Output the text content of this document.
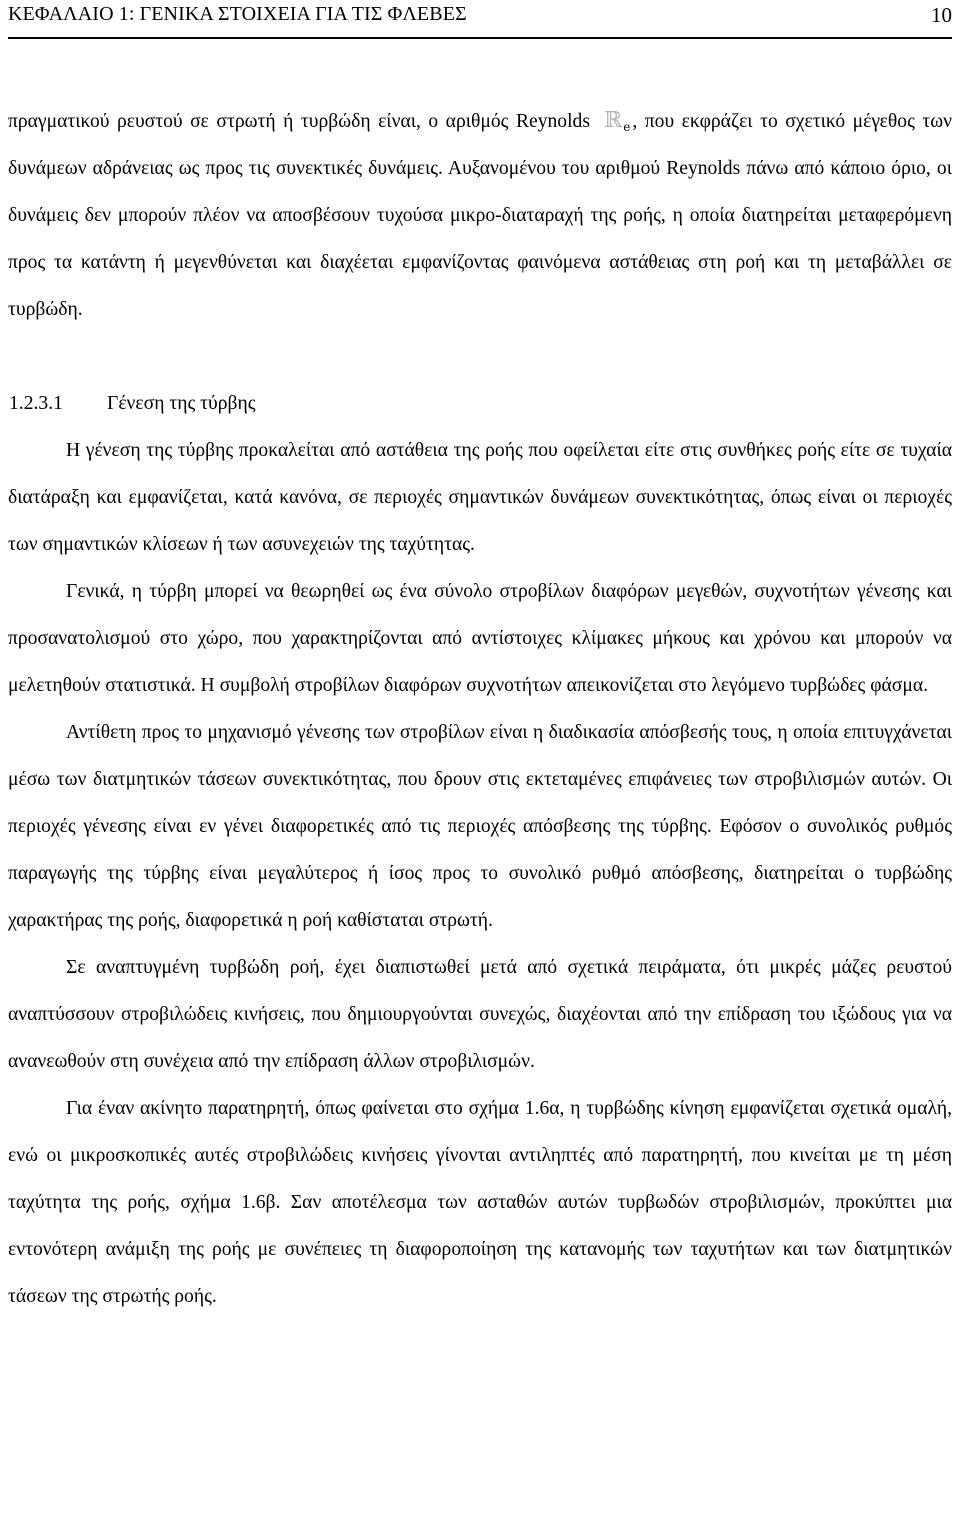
ΚΕΦΑΛΑΙΟ 1: ΓΕΝΙΚΑ ΣΤΟΙΧΕΙΑ ΓΙΑ ΤΙΣ ΦΛΕΒΕΣ	10

πραγματικού ρευστού σε στρωτή ή τυρβώδη είναι, ο αριθμός Reynolds ℝe , που εκφράζει το σχετικό μέγεθος των δυνάμεων αδράνειας ως προς τις συνεκτικές δυνάμεις. Αυξανομένου του αριθμού Reynolds πάνω από κάποιο όριο, οι δυνάμεις δεν μπορούν πλέον να αποσβέσουν τυχούσα μικρο-διαταραχή της ροής, η οποία διατηρείται μεταφερόμενη προς τα κατάντη ή μεγενθύνεται και διαχέεται εμφανίζοντας φαινόμενα αστάθειας στη ροή και τη μεταβάλλει σε τυρβώδη.

1.2.3.1 Γένεση της τύρβης

Η γένεση της τύρβης προκαλείται από αστάθεια της ροής που οφείλεται είτε στις συνθήκες ροής είτε σε τυχαία διατάραξη και εμφανίζεται, κατά κανόνα, σε περιοχές σημαντικών δυνάμεων συνεκτικότητας, όπως είναι οι περιοχές των σημαντικών κλίσεων ή των ασυνεχειών της ταχύτητας.

Γενικά, η τύρβη μπορεί να θεωρηθεί ως ένα σύνολο στροβίλων διαφόρων μεγεθών, συχνοτήτων γένεσης και προσανατολισμού στο χώρο, που χαρακτηρίζονται από αντίστοιχες κλίμακες μήκους και χρόνου και μπορούν να μελετηθούν στατιστικά. Η συμβολή στροβίλων διαφόρων συχνοτήτων απεικονίζεται στο λεγόμενο τυρβώδες φάσμα.

Αντίθετη προς το μηχανισμό γένεσης των στροβίλων είναι η διαδικασία απόσβεσής τους, η οποία επιτυγχάνεται μέσω των διατμητικών τάσεων συνεκτικότητας, που δρουν στις εκτεταμένες επιφάνειες των στροβιλισμών αυτών. Οι περιοχές γένεσης είναι εν γένει διαφορετικές από τις περιοχές απόσβεσης της τύρβης. Εφόσον ο συνολικός ρυθμός παραγωγής της τύρβης είναι μεγαλύτερος ή ίσος προς το συνολικό ρυθμό απόσβεσης, διατηρείται ο τυρβώδης χαρακτήρας της ροής, διαφορετικά η ροή καθίσταται στρωτή.

Σε αναπτυγμένη τυρβώδη ροή, έχει διαπιστωθεί μετά από σχετικά πειράματα, ότι μικρές μάζες ρευστού αναπτύσσουν στροβιλώδεις κινήσεις, που δημιουργούνται συνεχώς, διαχέονται από την επίδραση του ιξώδους για να ανανεωθούν στη συνέχεια από την επίδραση άλλων στροβιλισμών.

Για έναν ακίνητο παρατηρητή, όπως φαίνεται στο σχήμα 1.6α, η τυρβώδης κίνηση εμφανίζεται σχετικά ομαλή, ενώ οι μικροσκοπικές αυτές στροβιλώδεις κινήσεις γίνονται αντιληπτές από παρατηρητή, που κινείται με τη μέση ταχύτητα της ροής, σχήμα 1.6β. Σαν αποτέλεσμα των ασταθών αυτών τυρβωδών στροβιλισμών, προκύπτει μια εντονότερη ανάμιξη της ροής με συνέπειες τη διαφοροποίηση της κατανομής των ταχυτήτων και των διατμητικών τάσεων της στρωτής ροής.
